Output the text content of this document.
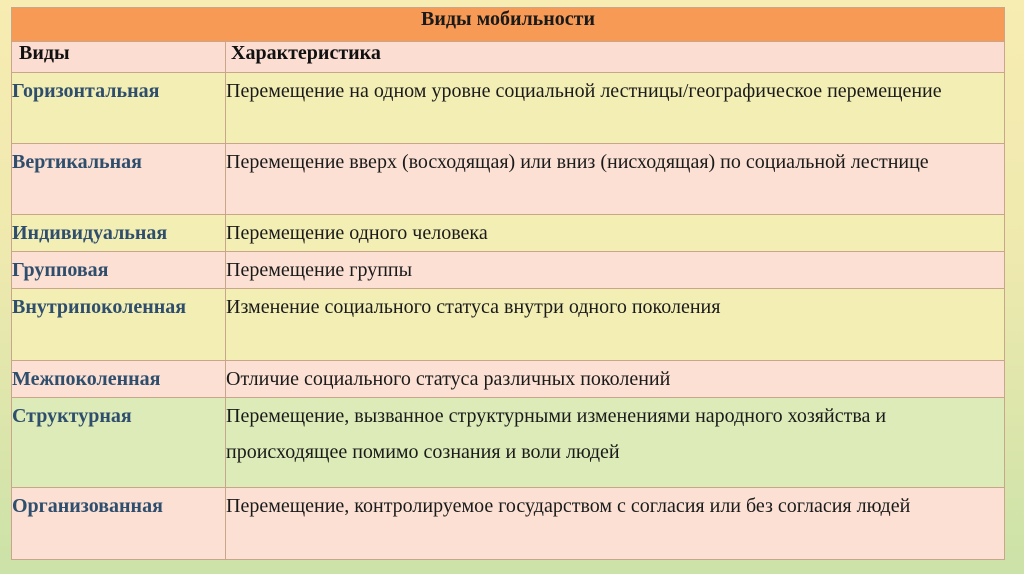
Виды мобильности	

Виды	Характеристика

Горизонтальная	Перемещение на одном уровне социальной лестницы/географическое перемещение
Вертикальная	Перемещение вверх (восходящая) или вниз (нисходящая) по социальной лестнице
Индивидуальная	Перемещение одного человека
Групповая	Перемещение группы
Внутрипоколенная	Изменение социального статуса внутри одного поколения
Межпоколенная	Отличие социального статуса различных поколений
Структурная	Перемещение, вызванное структурными изменениями народного хозяйства и происходящее помимо сознания и воли людей
Организованная	Перемещение, контролируемое государством с согласия или без согласия людей
